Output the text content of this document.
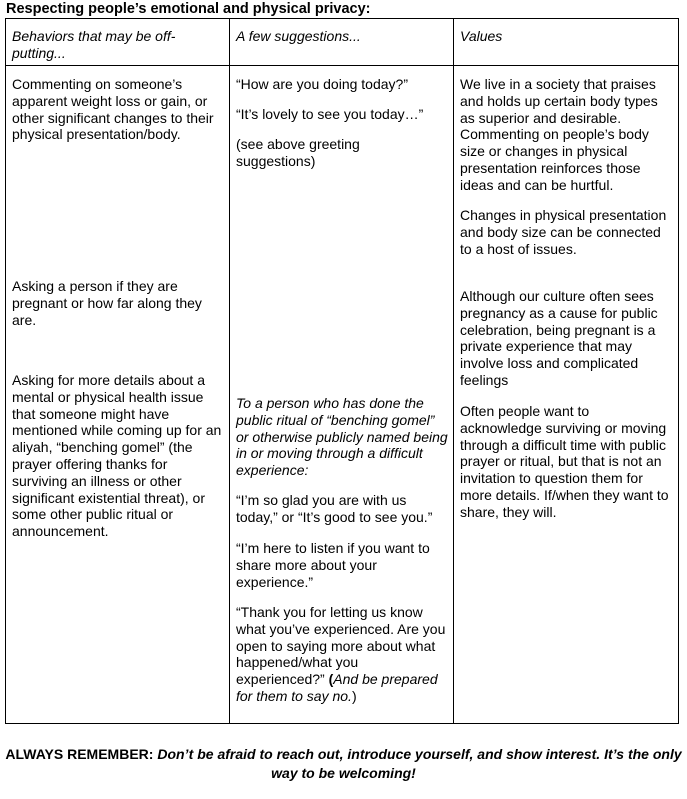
Respecting people’s emotional and physical privacy:
Behaviors that may be off-putting...
A few suggestions...	Values
Commenting on someone’s apparent weight loss or gain, or other significant changes to their physical presentation/body.
Asking a person if they are pregnant or how far along they are.
Asking for more details about a mental or physical health issue that someone might have mentioned while coming up for an aliyah, “benching gomel” (the prayer offering thanks for surviving an illness or other significant existential threat), or some other public ritual or announcement.
“How are you doing today?”
“It’s lovely to see you today…”
(see above greeting suggestions)
To a person who has done the public ritual of “benching gomel” or otherwise publicly named being in or moving through a difficult experience:
“I’m so glad you are with us today,” or “It’s good to see you.”
“I’m here to listen if you want to share more about your experience.”
“Thank you for letting us know what you’ve experienced. Are you open to saying more about what happened/what you experienced?” (And be prepared for them to say no.)
We live in a society that praises and holds up certain body types as superior and desirable. Commenting on people’s body size or changes in physical presentation reinforces those ideas and can be hurtful.
Changes in physical presentation and body size can be connected to a host of issues.
Although our culture often sees pregnancy as a cause for public celebration, being pregnant is a private experience that may involve loss and complicated feelings
Often people want to acknowledge surviving or moving through a difficult time with public prayer or ritual, but that is not an invitation to question them for more details. If/when they want to share, they will.
ALWAYS REMEMBER: Don’t be afraid to reach out, introduce yourself, and show interest. It’s the only way to be welcoming!
